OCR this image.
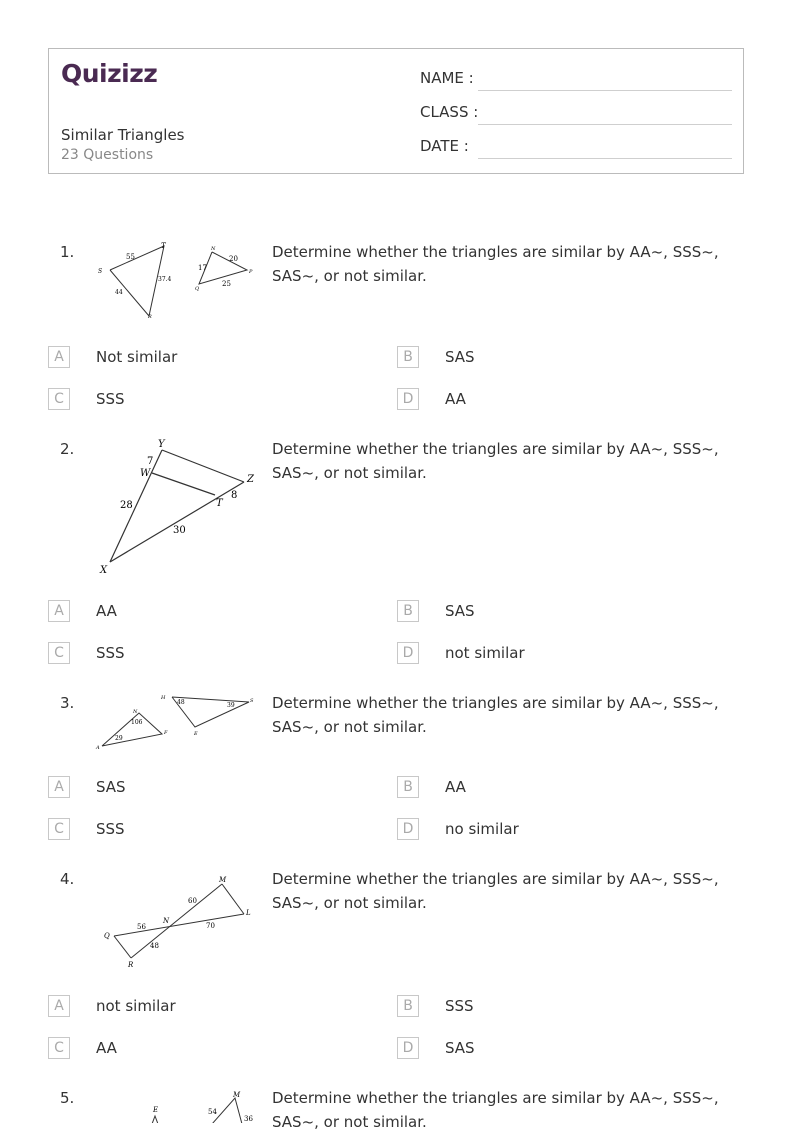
Quizizz
Similar Triangles
23 Questions
NAME :
CLASS :
DATE :
1.	55
T
S
37.4
44
R
N
17
20
P
Q
25
Determine whether the triangles are similar by AA~, SSS~, SAS~, or not similar.
A	Not similar	B	SAS
C	SSS	D	AA
2.	Y
7
W
Z
8
T
28
30
X
Determine whether the triangles are similar by AA~, SSS~, SAS~, or not similar.
A	AA	B	SAS
C	SSS	D	not similar
3.	H
48	S
39
E
N
106
A
29
F
Determine whether the triangles are similar by AA~, SSS~, SAS~, or not similar.
A	SAS	B	AA
C	SSS	D	no similar
4.	M
60
L
56
N
70
Q
48
R
Determine whether the triangles are similar by AA~, SSS~, SAS~, or not similar.
A	not similar	B	SSS
C	AA	D	SAS
5.
E
M
54
36
Determine whether the triangles are similar by AA~, SSS~, SAS~, or not similar.
